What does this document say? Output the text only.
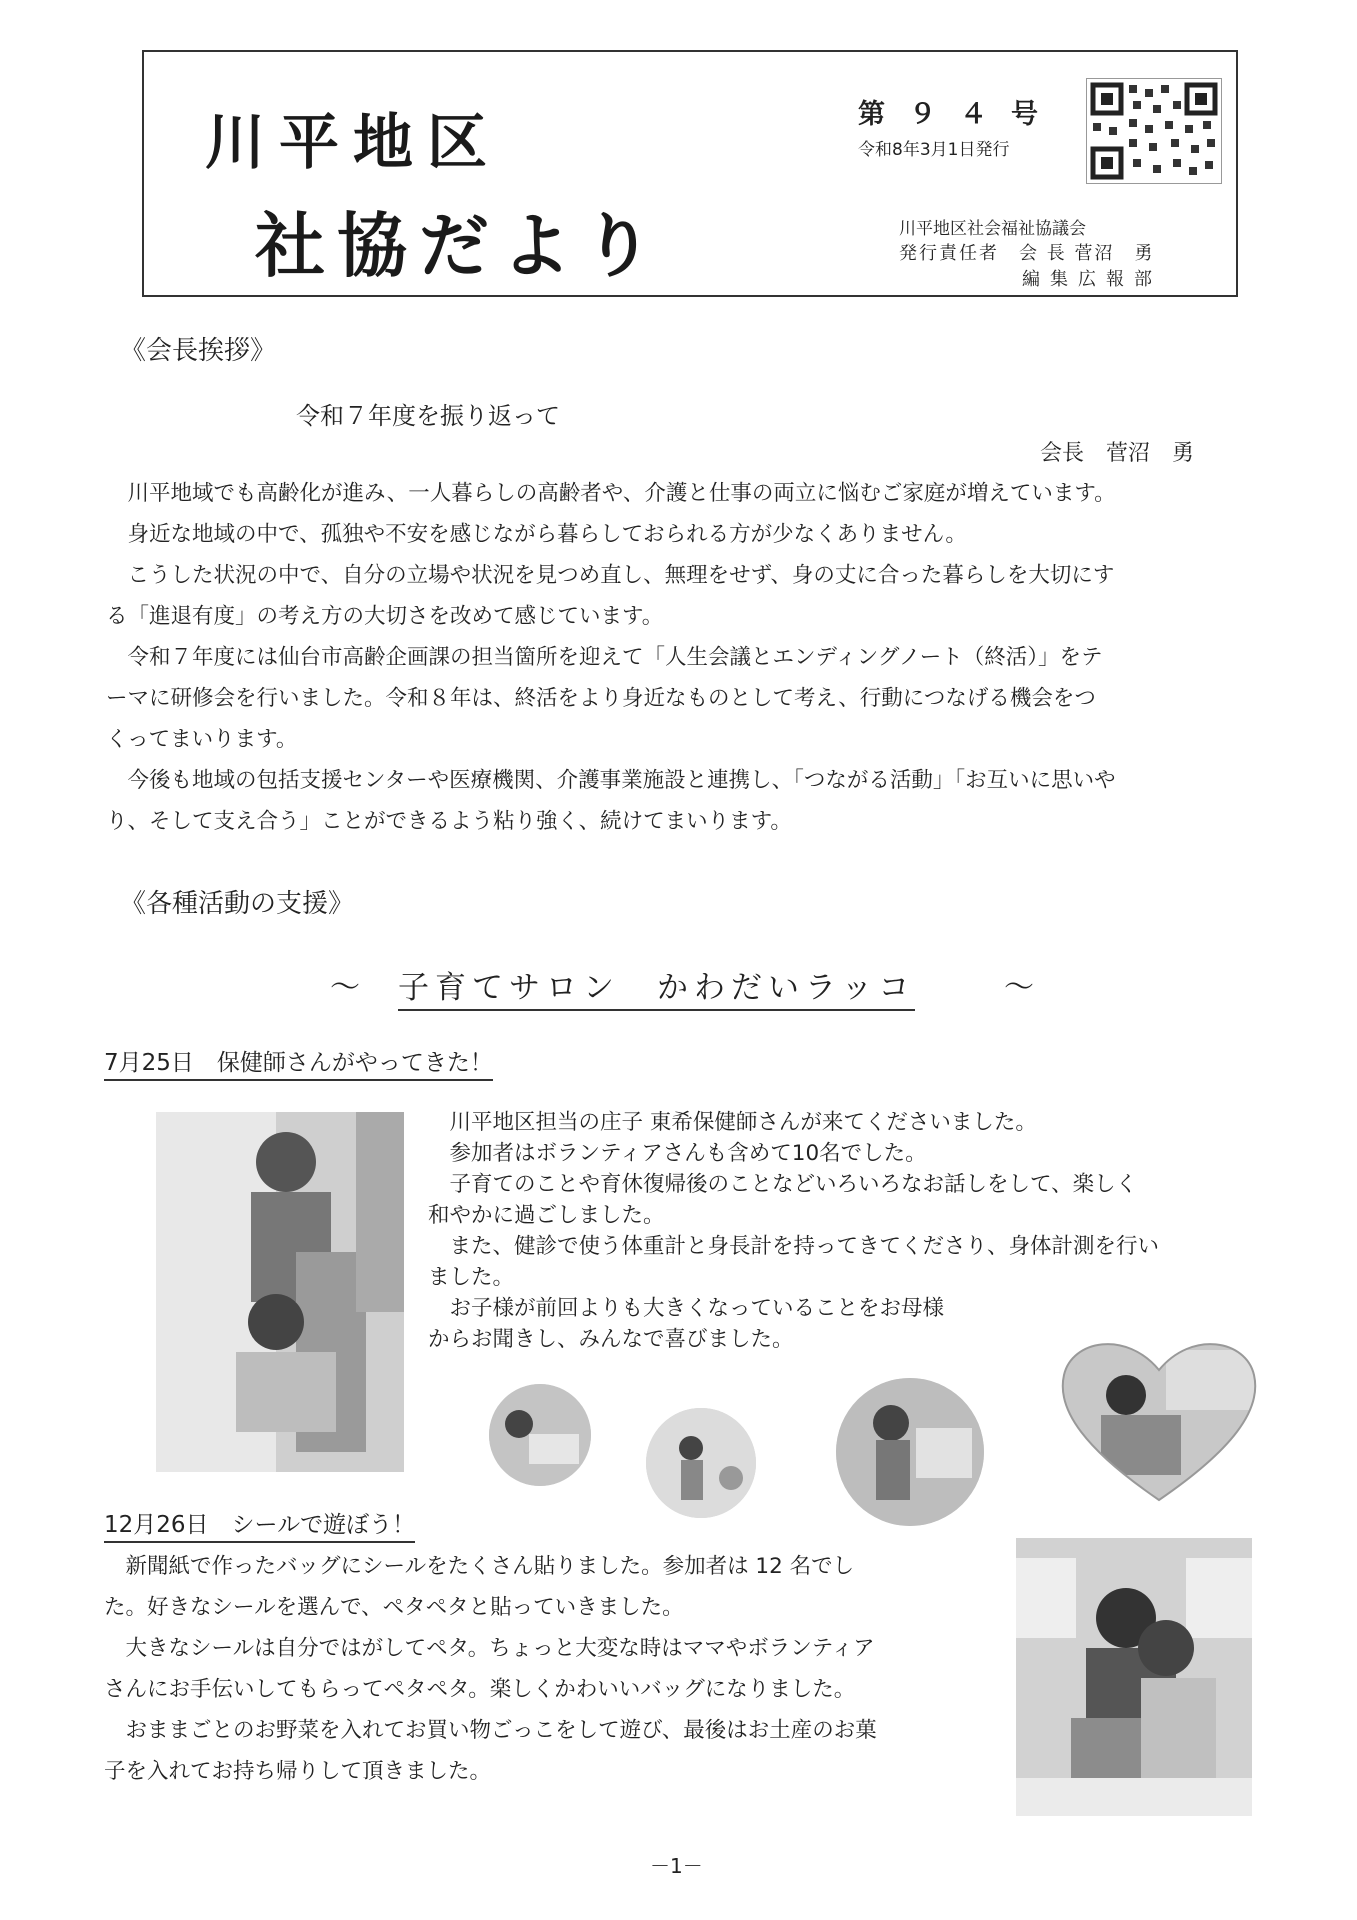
川平地区
社協だより
第９４号
令和8年3月1日発行
川平地区社会福祉協議会
発行責任者　会 長 菅沼　勇
編集広報部
《会長挨拶》
令和７年度を振り返って
会長　菅沼　勇
　川平地域でも高齢化が進み、一人暮らしの高齢者や、介護と仕事の両立に悩むご家庭が増えています。
　身近な地域の中で、孤独や不安を感じながら暮らしておられる方が少なくありません。
　こうした状況の中で、自分の立場や状況を見つめ直し、無理をせず、身の丈に合った暮らしを大切にす
る「進退有度」の考え方の大切さを改めて感じています。
　令和７年度には仙台市高齢企画課の担当箇所を迎えて「人生会議とエンディングノート（終活）」をテ
ーマに研修会を行いました。令和８年は、終活をより身近なものとして考え、行動につなげる機会をつ
くってまいります。
　今後も地域の包括支援センターや医療機関、介護事業施設と連携し、「つながる活動」「お互いに思いや
り、そして支え合う」ことができるよう粘り強く、続けてまいります。
《各種活動の支援》
～ 子育てサロン　かわだいラッコ	～
7月25日　保健師さんがやってきた！
　川平地区担当の庄子 東希保健師さんが来てくださいました。
　参加者はボランティアさんも含めて10名でした。
　子育てのことや育休復帰後のことなどいろいろなお話しをして、楽しく
和やかに過ごしました。
　また、健診で使う体重計と身長計を持ってきてくださり、身体計測を行い
ました。
　お子様が前回よりも大きくなっていることをお母様
からお聞きし、みんなで喜びました。
12月26日　シールで遊ぼう！
　新聞紙で作ったバッグにシールをたくさん貼りました。参加者は 12 名でし
た。好きなシールを選んで、ペタペタと貼っていきました。
　大きなシールは自分ではがしてペタ。ちょっと大変な時はママやボランティア
さんにお手伝いしてもらってペタペタ。楽しくかわいいバッグになりました。
　おままごとのお野菜を入れてお買い物ごっこをして遊び、最後はお土産のお菓
子を入れてお持ち帰りして頂きました。
－1－
